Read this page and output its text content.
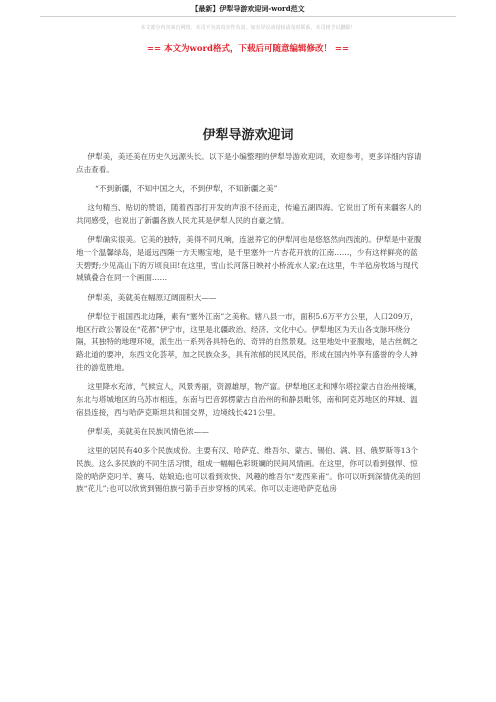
【最新】伊犁导游欢迎词-word范文
本文部分内容来自网络，本司不为其真实性负责，如有异议或侵权请及时联系，本司将予以删除！
== 本文为word格式，下载后可随意编辑修改！ ==
伊犁导游欢迎词

伊犁美，美还美在历史久远源头长。以下是小编整理的伊犁导游欢迎词，欢迎参考，更多详细内容请点击查看。

“不到新疆，不知中国之大，不到伊犁，不知新疆之美”

这句精当、贴切的赞语，随着西部打开发的声浪不径而走，传遍五湖四海。它说出了所有来疆客人的共同感受，也说出了新疆各族人民尤其是伊犁人民的自豪之情。

伊犁确实很美。它美的独特，美得不同凡响，连滋养它的伊犁河也是悠悠然向西流的。伊犁是中亚腹地一个温馨绿岛，是遥远西陲一方天赐宝地，是千里塞外一片杏花开放的江南……，少有这样鲜亮的蓝天碧野;少见高山下的万顷良田!在这里，雪山长河落日映衬小桥流水人家;在这里，牛羊毡房牧场与现代城镇叠合在同一个画面……

伊犁美，美就美在幅原辽阔面积大——

伊犁位于祖国西北边陲，素有“塞外江南”之美称。辖八县一市，面积5.6万平方公里，人口209万，地区行政公署设在“花都”伊宁市，这里是北疆政治、经济、文化中心。伊犁地区为天山各支脉环绕分隔，其独特的地理环境，派生出一系列各具特色的、奇异的自然景观。这里地处中亚腹地，是古丝绸之路北道的要冲，东西文化荟萃，加之民族众多，具有浓郁的民风民俗，形成在国内外享有盛誉的令人神往的游览胜地。

这里降水充沛，气候宜人，风景秀丽，资源雄厚，物产富。伊犁地区北和博尔塔拉蒙古自治州接壤，东北与塔城地区的乌苏市相连，东南与巴音郭楞蒙古自治州的和静县毗邻，南和阿克苏地区的拜城、温宿县连接，西与哈萨克斯坦共和国交界，边境线长421公里。

伊犁美，美就美在民族风情色浓——

这里的居民有40多个民族成份。主要有汉、哈萨克、维吾尔、蒙古、锡伯、满、回、俄罗斯等13个民族。这么多民族的不同生活习惯，组成一幅幅色彩斑斓的民间风情画。在这里，你可以看到强悍、惊险的哈萨克叼羊、赛马、姑娘追;也可以看到欢快、风趣的维吾尔“麦西来甫”。你可以听到深情优美的回族“花儿”;也可以欣赏到锡伯族弓箭手百步穿杨的风采。你可以走进哈萨克毡房
